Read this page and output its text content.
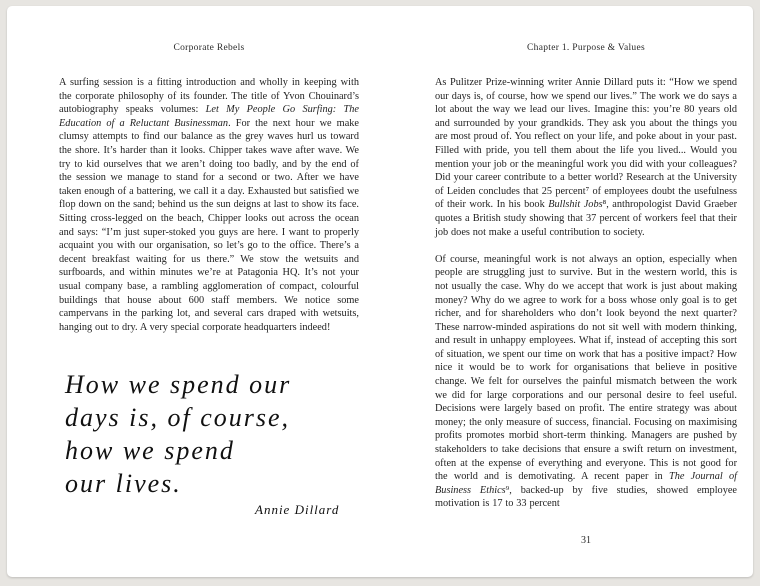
Corporate Rebels

A surfing session is a fitting introduction and wholly in keeping with the corporate philosophy of its founder. The title of Yvon Chouinard’s autobiography speaks volumes: Let My People Go Surfing: The Education of a Reluctant Businessman. For the next hour we make clumsy attempts to find our balance as the grey waves hurl us toward the shore. It’s harder than it looks. Chipper takes wave after wave. We try to kid ourselves that we aren’t doing too badly, and by the end of the session we manage to stand for a second or two. After we have taken enough of a battering, we call it a day. Exhausted but satisfied we flop down on the sand; behind us the sun deigns at last to show its face. Sitting cross-legged on the beach, Chipper looks out across the ocean and says: “I’m just super-stoked you guys are here. I want to properly acquaint you with our organisation, so let’s go to the office. There’s a decent breakfast waiting for us there.” We stow the wetsuits and surfboards, and within minutes we’re at Patagonia HQ. It’s not your usual company base, a rambling agglomeration of compact, colourful buildings that house about 600 staff members. We notice some campervans in the parking lot, and several cars draped with wetsuits, hanging out to dry. A very special corporate headquarters indeed!

How we spend our
days is, of course,
how we spend
our lives.
Annie Dillard
Chapter 1. Purpose & Values

As Pulitzer Prize-winning writer Annie Dillard puts it: “How we spend our days is, of course, how we spend our lives.” The work we do says a lot about the way we lead our lives. Imagine this: you’re 80 years old and surrounded by your grandkids. They ask you about the things you are most proud of. You reflect on your life, and poke about in your past. Filled with pride, you tell them about the life you lived... Would you mention your job or the meaningful work you did with your colleagues? Did your career contribute to a better world? Research at the University of Leiden concludes that 25 percent⁷ of employees doubt the usefulness of their work. In his book Bullshit Jobs⁸, anthropologist David Graeber quotes a British study showing that 37 percent of workers feel that their job does not make a useful contribution to society.

Of course, meaningful work is not always an option, especially when people are struggling just to survive. But in the western world, this is not usually the case. Why do we accept that work is just about making money? Why do we agree to work for a boss whose only goal is to get richer, and for shareholders who don’t look beyond the next quarter? These narrow-minded aspirations do not sit well with modern thinking, and result in unhappy employees. What if, instead of accepting this sort of situation, we spent our time on work that has a positive impact? How nice it would be to work for organisations that believe in positive change. We felt for ourselves the painful mismatch between the work we did for large corporations and our personal desire to feel useful. Decisions were largely based on profit. The entire strategy was about money; the only measure of success, financial. Focusing on maximising profits promotes morbid short-term thinking. Managers are pushed by stakeholders to take decisions that ensure a swift return on investment, often at the expense of everything and everyone. This is not good for the world and is demotivating. A recent paper in The Journal of Business Ethics⁹, backed-up by five studies, showed employee motivation is 17 to 33 percent

31
